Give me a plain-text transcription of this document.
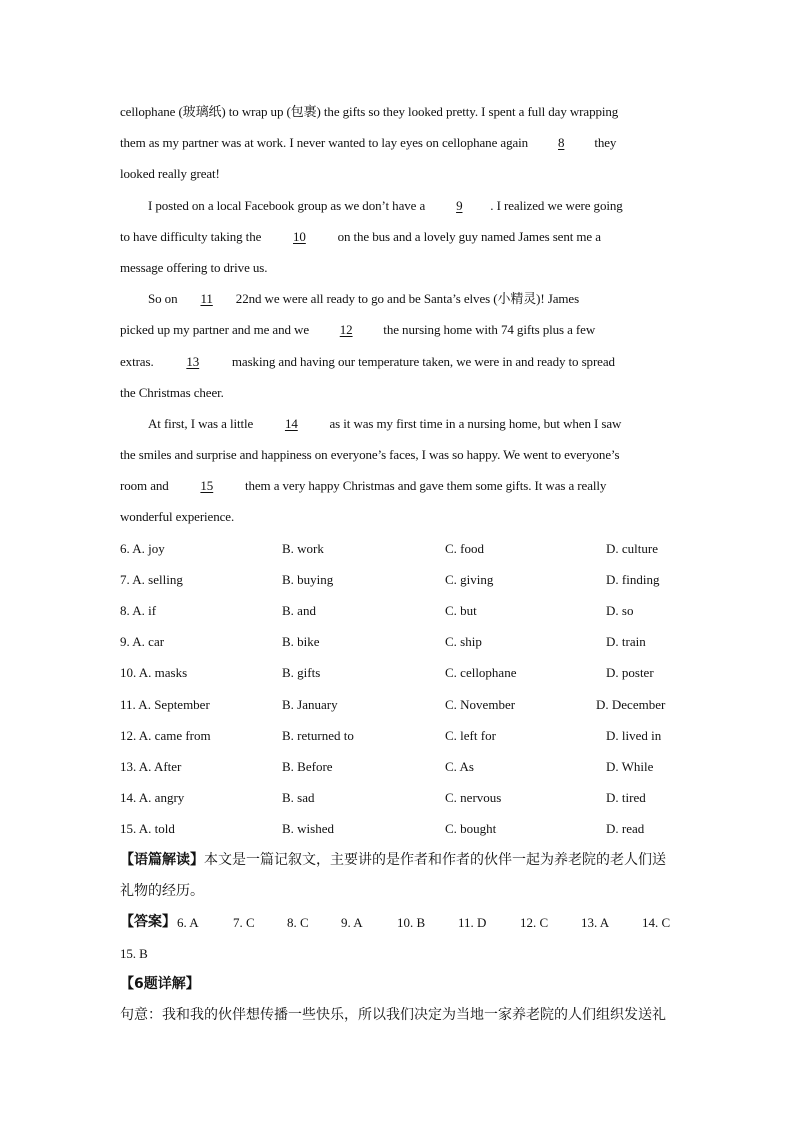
cellophane (玻璃纸) to wrap up (包裹) the gifts so they looked pretty. I spent a full day wrapping
them as my partner was at work. I never wanted to lay eyes on cellophane again 8 they
looked really great!
I posted on a local Facebook group as we don’t have a 9 . I realized we were going
to have difficulty taking the 10 on the bus and a lovely guy named James sent me a
message offering to drive us.
So on 11 22nd we were all ready to go and be Santa’s elves (小精灵)! James
picked up my partner and me and we 12 the nursing home with 74 gifts plus a few
extras. 13 masking and having our temperature taken, we were in and ready to spread
the Christmas cheer.
At first, I was a little 14 as it was my first time in a nursing home, but when I saw
the smiles and surprise and happiness on everyone’s faces, I was so happy. We went to everyone’s
room and 15 them a very happy Christmas and gave them some gifts. It was a really
wonderful experience.
6. A. joy	B. work	C. food	D. culture
7. A. selling	B. buying	C. giving	D. finding
8. A. if	B. and	C. but	D. so
9. A. car	B. bike	C. ship	D. train
10. A. masks	B. gifts	C. cellophane	D. poster
11. A. September	B. January	C. November	D. December
12. A. came from	B. returned to	C. left for	D. lived in
13. A. After	B. Before	C. As	D. While
14. A. angry	B. sad	C. nervous	D. tired
15. A. told	B. wished	C. bought	D. read
【语篇解读】本文是一篇记叙文，主要讲的是作者和作者的伙伴一起为养老院的老人们送
礼物的经历。
【答案】 6. A	7. C 8. C 9. A	10. B	11. D	12. C	13. A	14. C
15. B
【6题详解】
句意：我和我的伙伴想传播一些快乐，所以我们决定为当地一家养老院的人们组织发送礼
